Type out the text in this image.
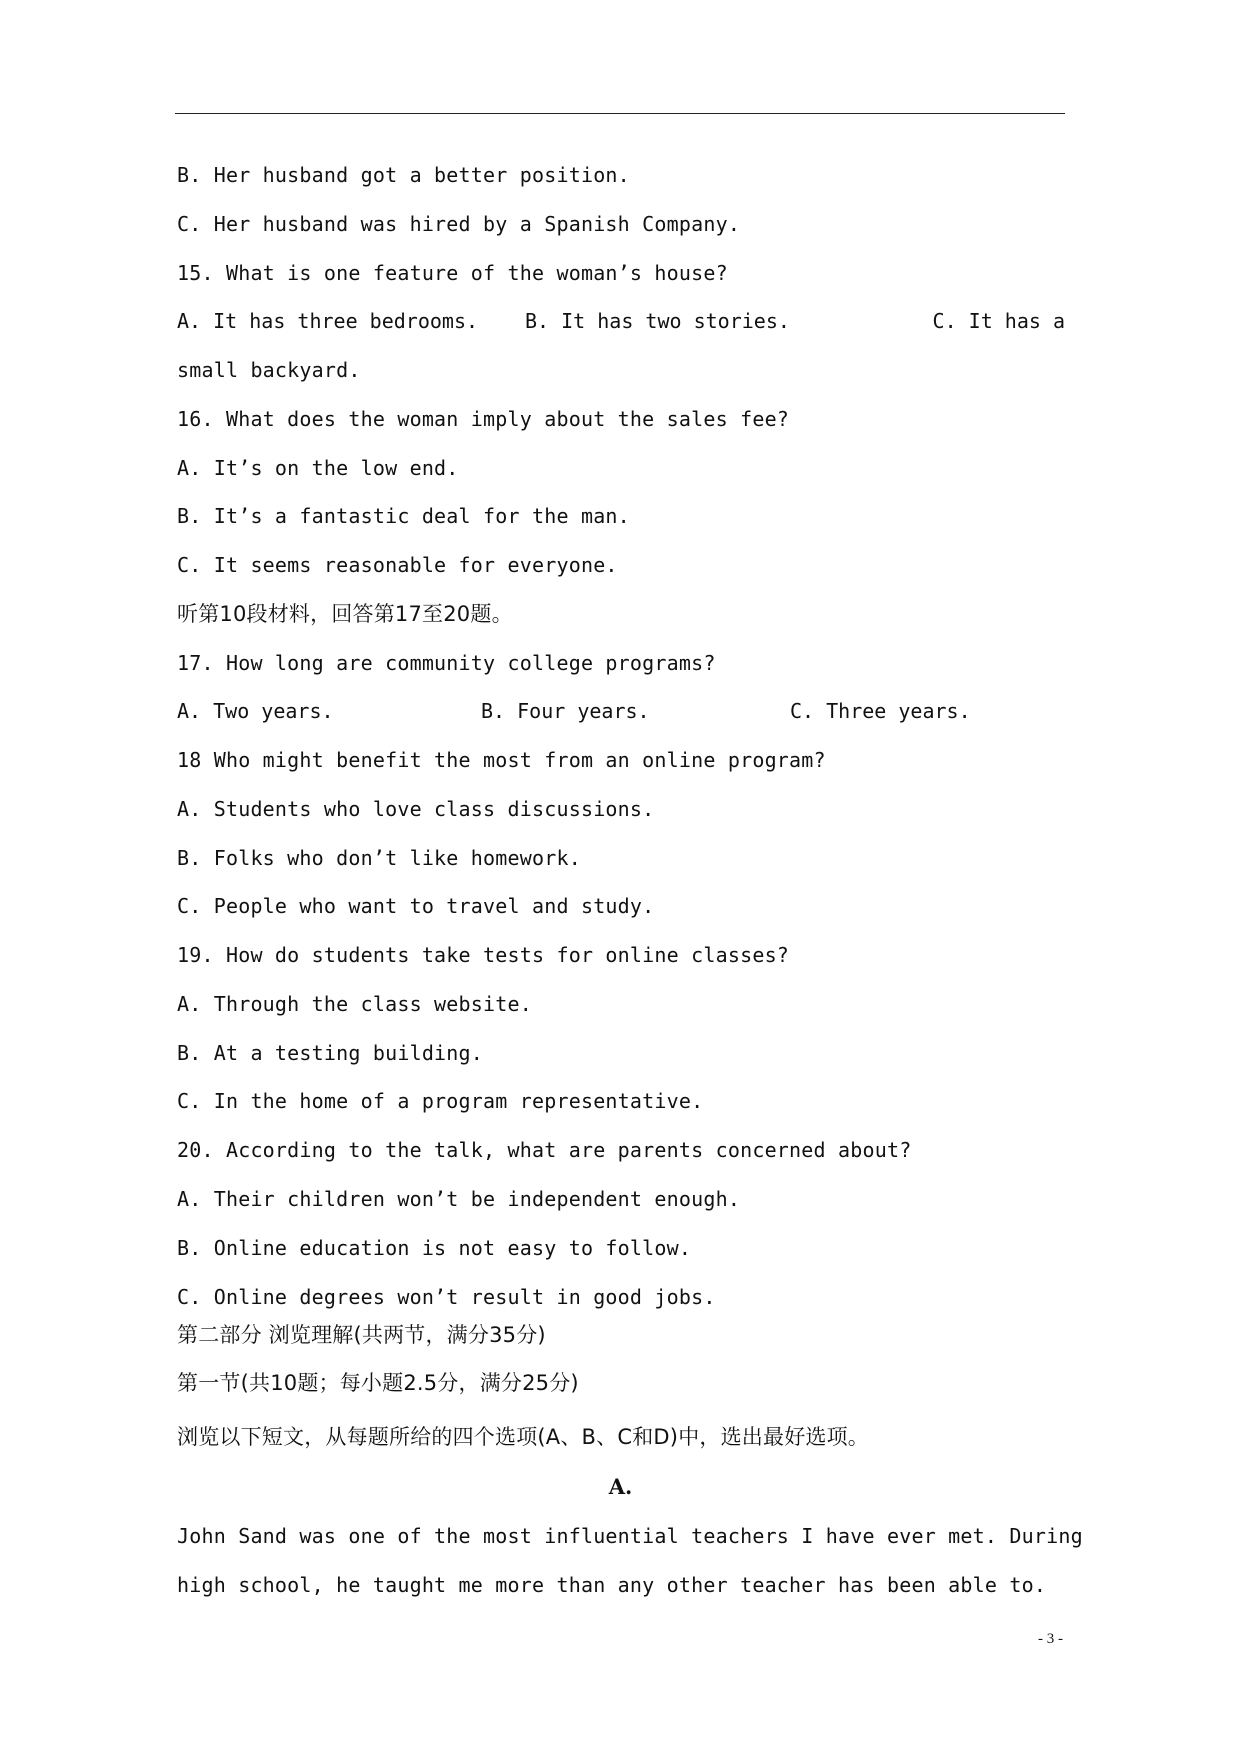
B. Her husband got a better position.
C. Her husband was hired by a Spanish Company.
15. What is one feature of the woman’s house?

A. It has three bedrooms.

B. It has two stories.

	C. It has a

small backyard.
16. What does the woman imply about the sales fee?
A. It’s on the low end.
B. It’s a fantastic deal for the man.
C. It seems reasonable for everyone.
听第10段材料，回答第17至20题。
17. How long are community college programs?

A. Two years.

	B. Four years.

	C. Three years.

18 Who might benefit the most from an online program?
A. Students who love class discussions.
B. Folks who don’t like homework.
C. People who want to travel and study.
19. How do students take tests for online classes?
A. Through the class website.
B. At a testing building.
C. In the home of a program representative.
20. According to the talk, what are parents concerned about?
A. Their children won’t be independent enough.
B. Online education is not easy to follow.
C. Online degrees won’t result in good jobs.
第二部分 浏览理解(共两节，满分35分)
第一节(共10题；每小题2.5分，满分25分)
浏览以下短文，从每题所给的四个选项(A、B、C和D)中，选出最好选项。
A.
John Sand was one of the most influential teachers I have ever met. During
high school, he taught me more than any other teacher has been able to.
- 3 -
